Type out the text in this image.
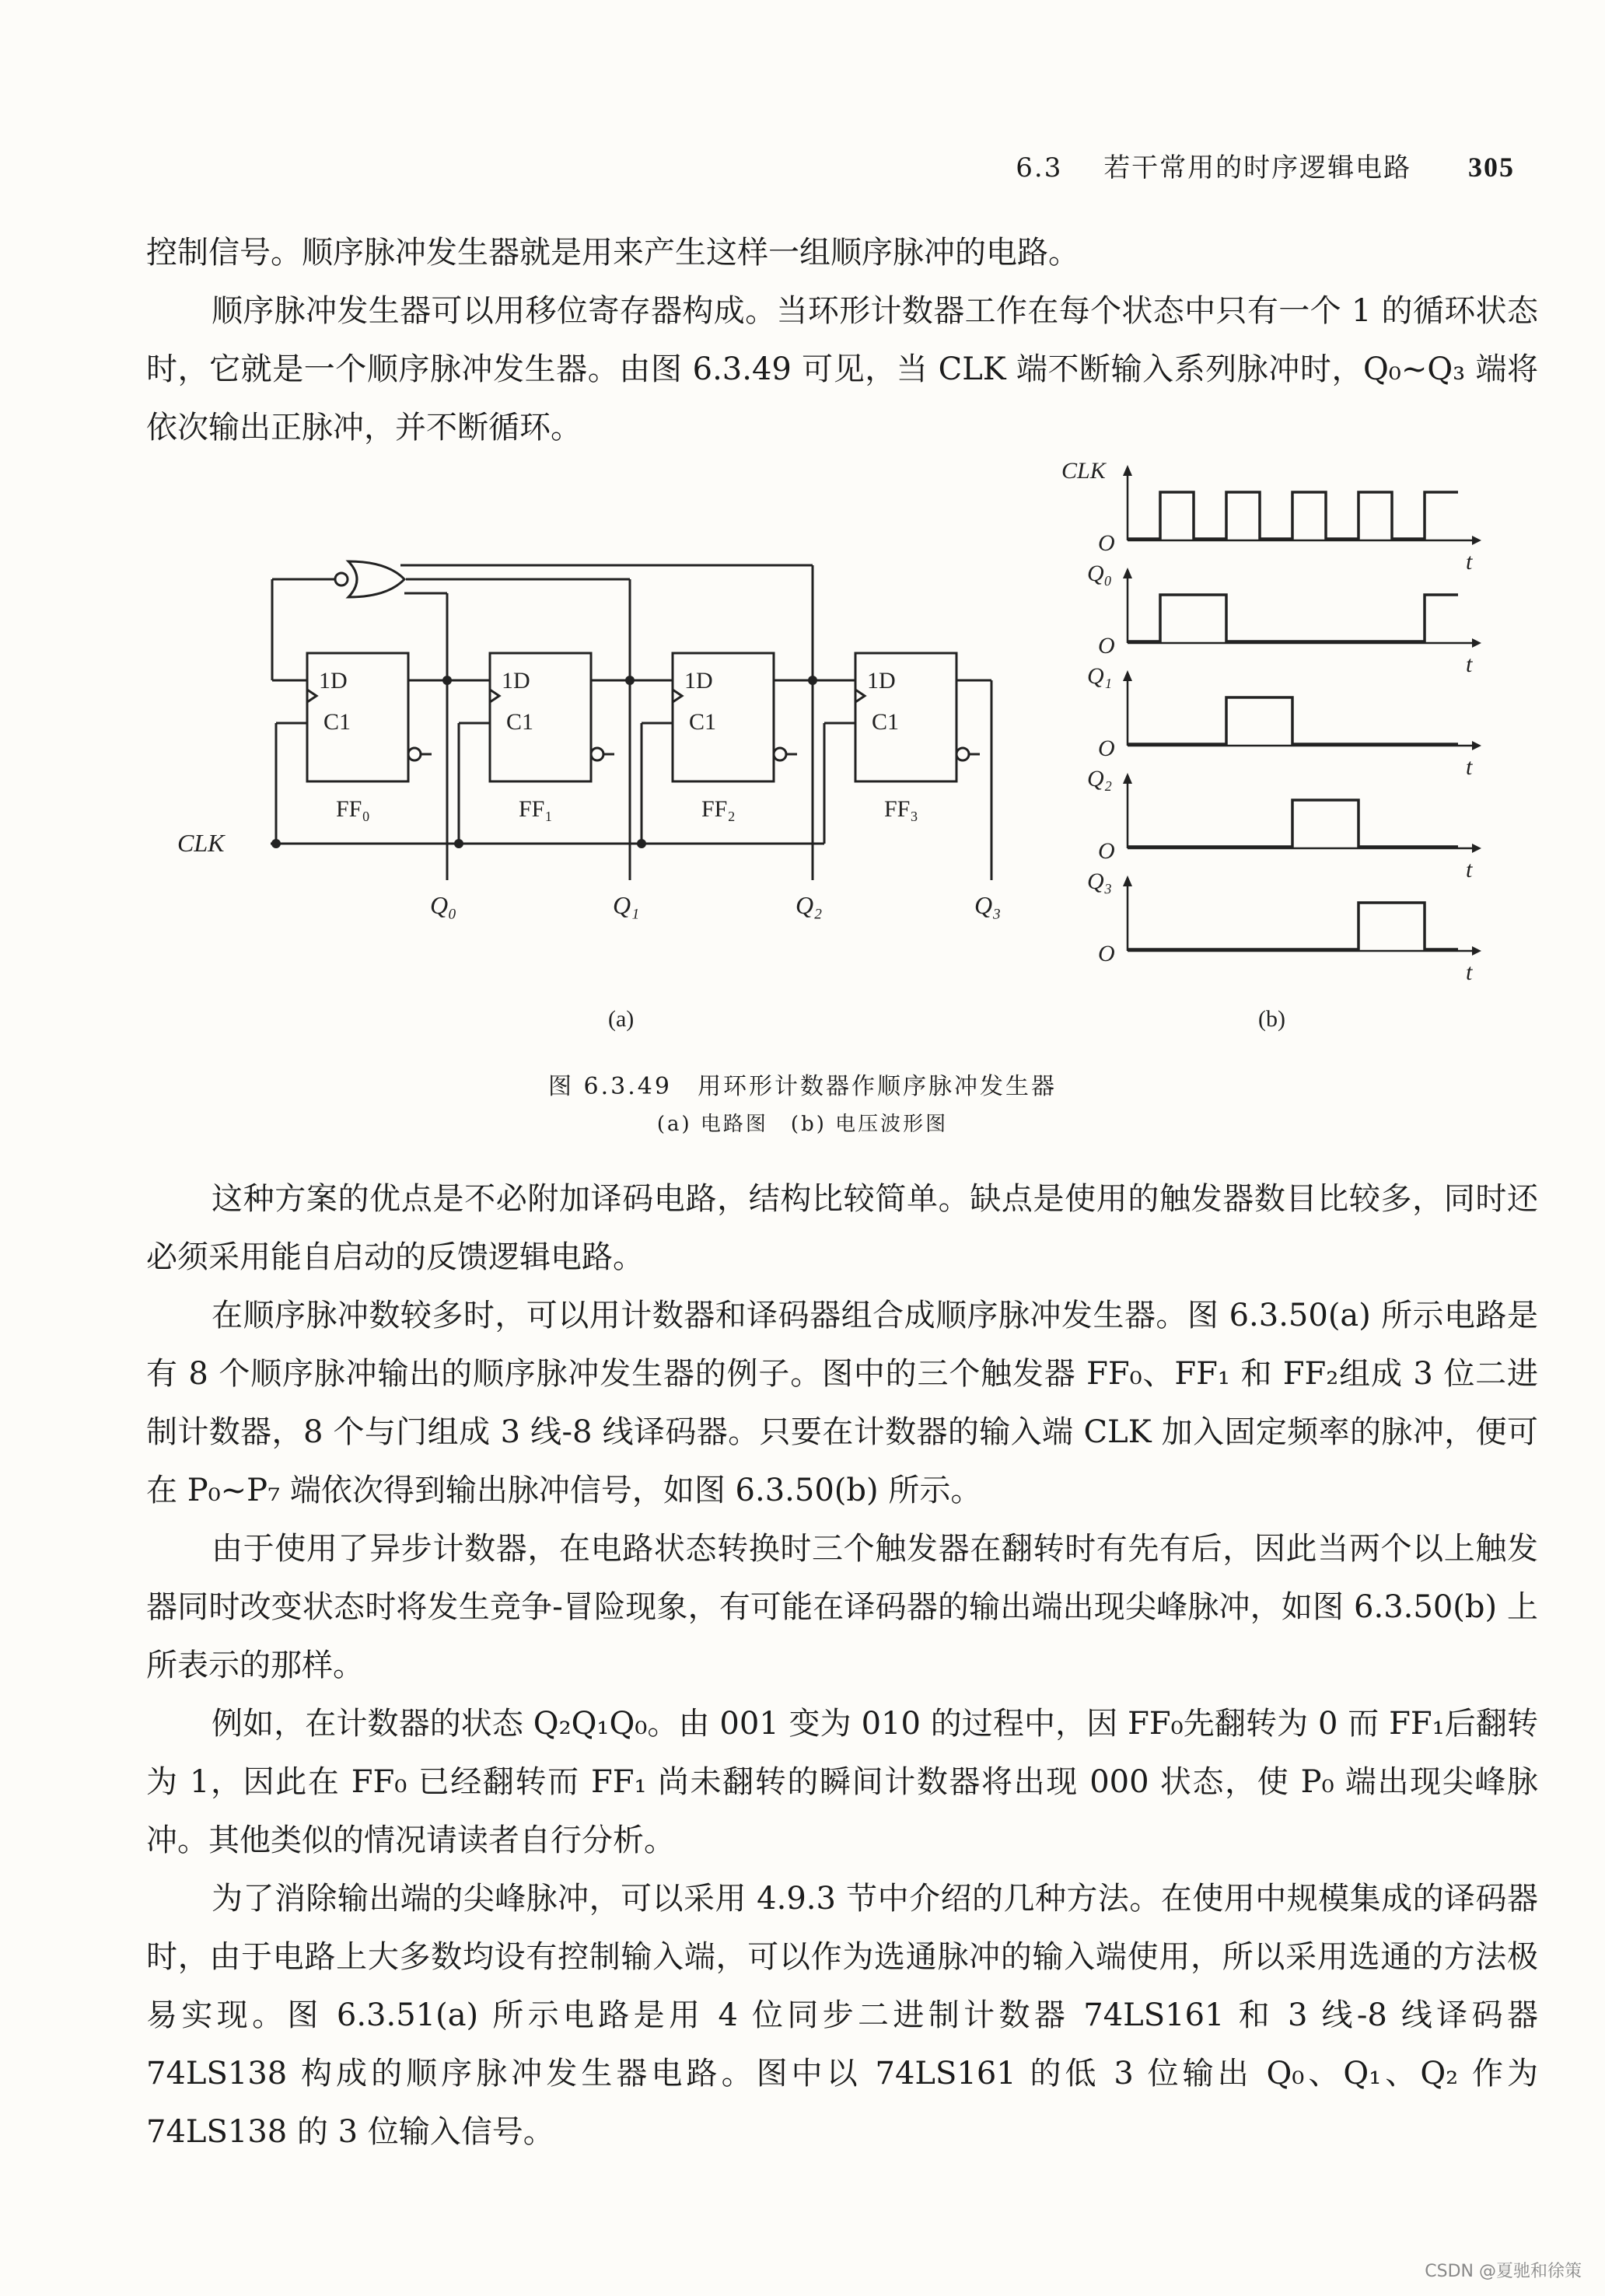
6.3 若干常用的时序逻辑电路 305

控制信号。顺序脉冲发生器就是用来产生这样一组顺序脉冲的电路。

顺序脉冲发生器可以用移位寄存器构成。当环形计数器工作在每个状态中只有一个 1 的循环状态时，它就是一个顺序脉冲发生器。由图 6.3.49 可见，当 CLK 端不断输入系列脉冲时，Q₀~Q₃ 端将依次输出正脉冲，并不断循环。

1D
C1
FF₀
1D
C1
FF₁
1D
C1
FF₂
1D
C1
FF₃
CLK
Q₀	Q₁	Q₂	Q₃
(a)
CLK
Q₀
Q₁
Q₂
Q₃
O
O
O
O
O
t
t
t
t
t
(b)
图 6.3.49　用环形计数器作顺序脉冲发生器
(a) 电路图　(b) 电压波形图

这种方案的优点是不必附加译码电路，结构比较简单。缺点是使用的触发器数目比较多，同时还必须采用能自启动的反馈逻辑电路。

在顺序脉冲数较多时，可以用计数器和译码器组合成顺序脉冲发生器。图 6.3.50(a) 所示电路是有 8 个顺序脉冲输出的顺序脉冲发生器的例子。图中的三个触发器 FF₀、FF₁ 和 FF₂组成 3 位二进制计数器，8 个与门组成 3 线-8 线译码器。只要在计数器的输入端 CLK 加入固定频率的脉冲，便可在 P₀~P₇ 端依次得到输出脉冲信号，如图 6.3.50(b) 所示。

由于使用了异步计数器，在电路状态转换时三个触发器在翻转时有先有后，因此当两个以上触发器同时改变状态时将发生竞争-冒险现象，有可能在译码器的输出端出现尖峰脉冲，如图 6.3.50(b) 上所表示的那样。

例如，在计数器的状态 Q₂Q₁Q₀。由 001 变为 010 的过程中，因 FF₀先翻转为 0 而 FF₁后翻转为 1，因此在 FF₀ 已经翻转而 FF₁ 尚未翻转的瞬间计数器将出现 000 状态，使 P₀ 端出现尖峰脉冲。其他类似的情况请读者自行分析。

为了消除输出端的尖峰脉冲，可以采用 4.9.3 节中介绍的几种方法。在使用中规模集成的译码器时，由于电路上大多数均设有控制输入端，可以作为选通脉冲的输入端使用，所以采用选通的方法极易实现。图 6.3.51(a) 所示电路是用 4 位同步二进制计数器 74LS161 和 3 线-8 线译码器 74LS138 构成的顺序脉冲发生器电路。图中以 74LS161 的低 3 位输出 Q₀、Q₁、Q₂ 作为 74LS138 的 3 位输入信号。

CSDN @夏驰和徐策
